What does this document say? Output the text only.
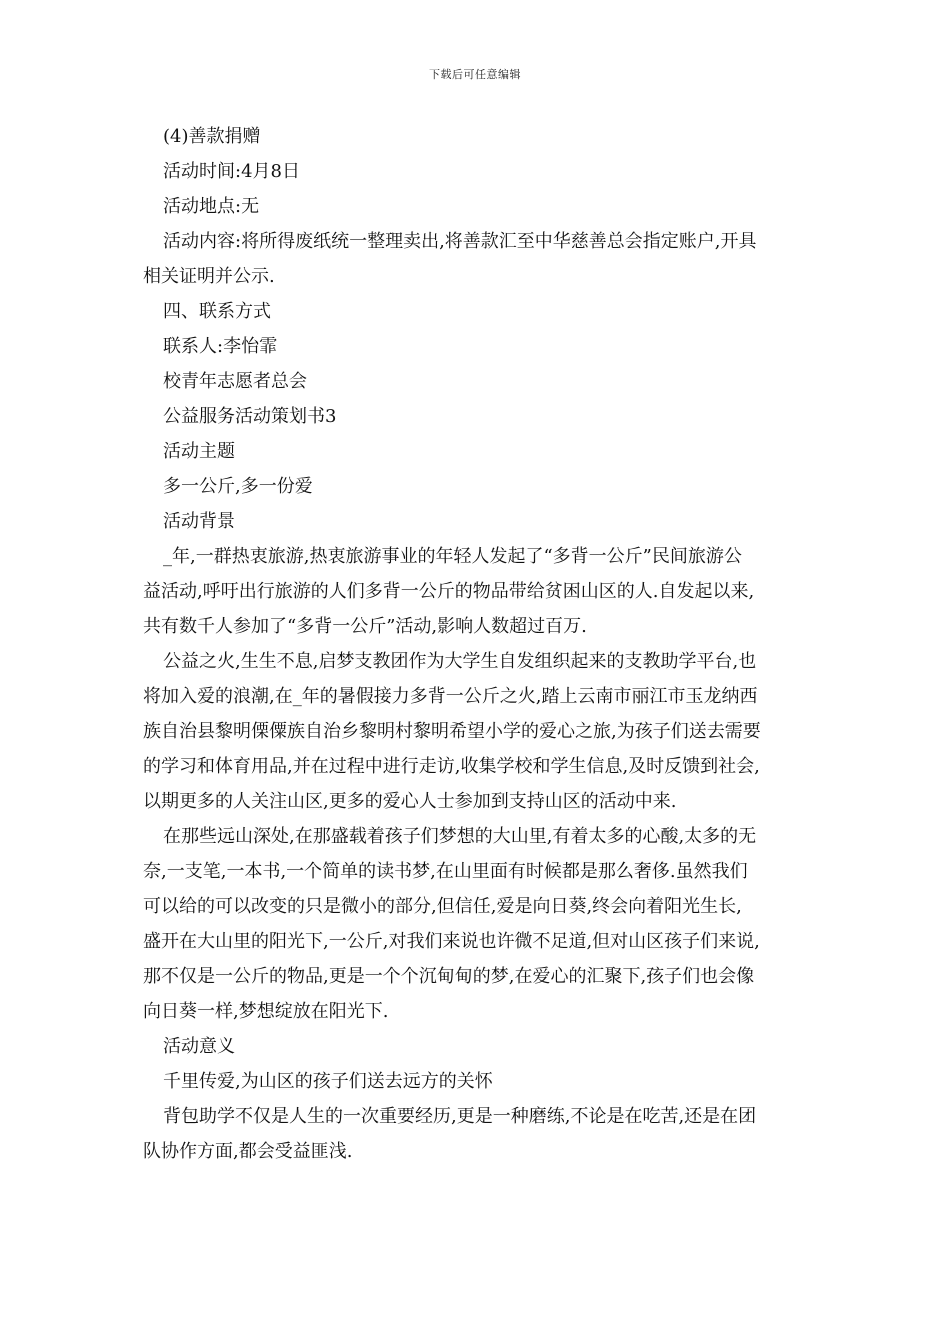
下载后可任意编辑

(4)善款捐赠

活动时间:4月8日

活动地点:无

活动内容:将所得废纸统一整理卖出,将善款汇至中华慈善总会指定账户,开具

相关证明并公示.

四、联系方式

联系人:李怡霏

校青年志愿者总会

公益服务活动策划书3

活动主题

多一公斤,多一份爱

活动背景

_年,一群热衷旅游,热衷旅游事业的年轻人发起了“多背一公斤”民间旅游公

益活动,呼吁出行旅游的人们多背一公斤的物品带给贫困山区的人.自发起以来,

共有数千人参加了“多背一公斤”活动,影响人数超过百万.

公益之火,生生不息,启梦支教团作为大学生自发组织起来的支教助学平台,也

将加入爱的浪潮,在_年的暑假接力多背一公斤之火,踏上云南市丽江市玉龙纳西

族自治县黎明傈僳族自治乡黎明村黎明希望小学的爱心之旅,为孩子们送去需要

的学习和体育用品,并在过程中进行走访,收集学校和学生信息,及时反馈到社会,

以期更多的人关注山区,更多的爱心人士参加到支持山区的活动中来.

在那些远山深处,在那盛载着孩子们梦想的大山里,有着太多的心酸,太多的无

奈,一支笔,一本书,一个简单的读书梦,在山里面有时候都是那么奢侈.虽然我们

可以给的可以改变的只是微小的部分,但信任,爱是向日葵,终会向着阳光生长,

盛开在大山里的阳光下,一公斤,对我们来说也许微不足道,但对山区孩子们来说,

那不仅是一公斤的物品,更是一个个沉甸甸的梦,在爱心的汇聚下,孩子们也会像

向日葵一样,梦想绽放在阳光下.

活动意义

千里传爱,为山区的孩子们送去远方的关怀

背包助学不仅是人生的一次重要经历,更是一种磨练,不论是在吃苦,还是在团

队协作方面,都会受益匪浅.
